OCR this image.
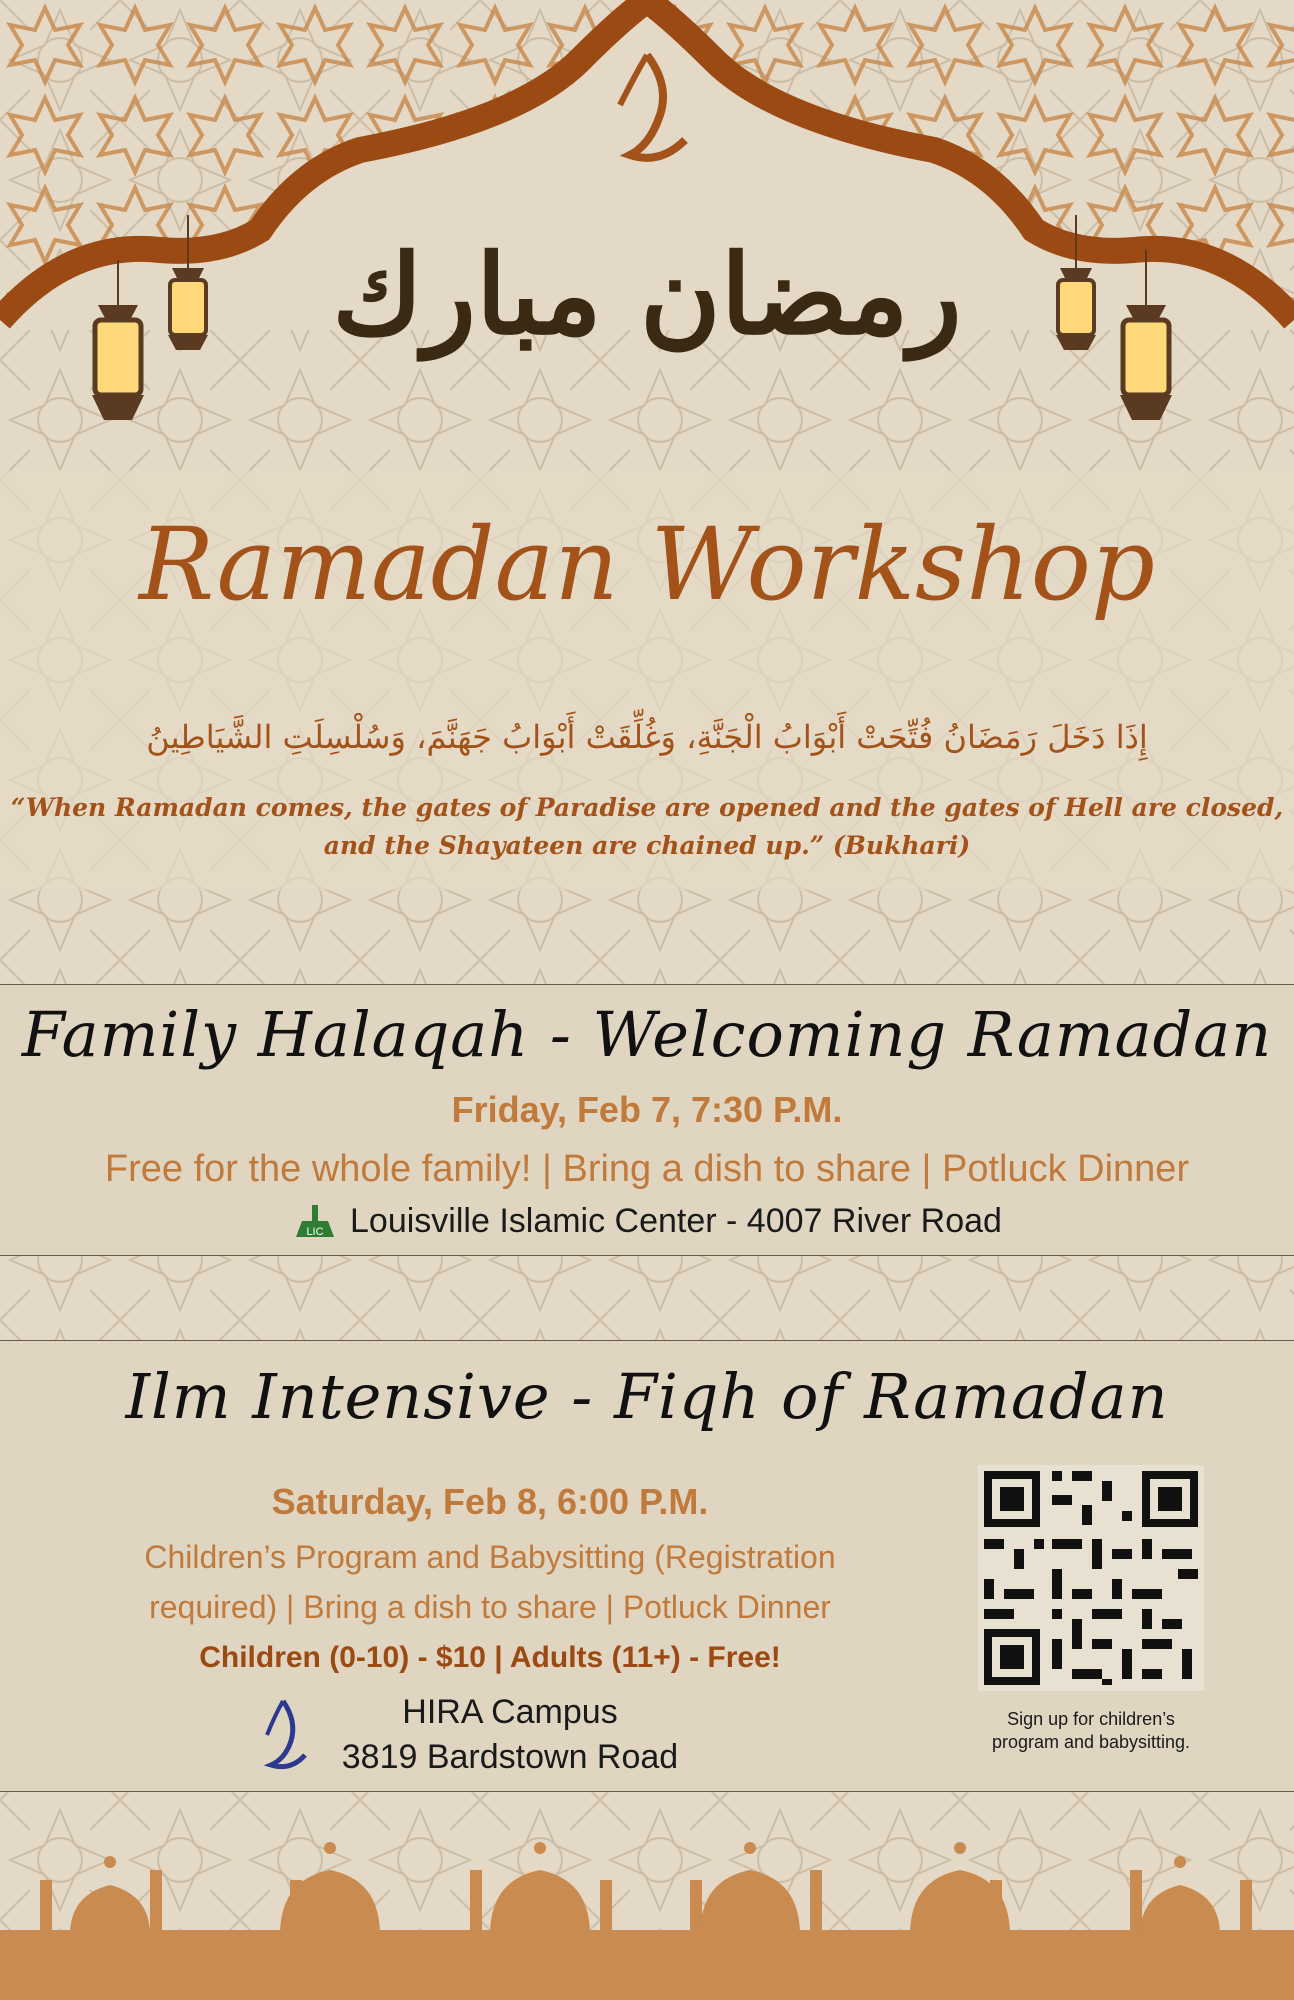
رمضان مبارك
Ramadan Workshop
إِذَا دَخَلَ رَمَضَانُ فُتِّحَتْ أَبْوَابُ الْجَنَّةِ، وَغُلِّقَتْ أَبْوَابُ جَهَنَّمَ، وَسُلْسِلَتِ الشَّيَاطِينُ
“When Ramadan comes, the gates of Paradise are opened and the gates of Hell are closed,
and the Shayateen are chained up.” (Bukhari)
Family Halaqah - Welcoming Ramadan
Friday, Feb 7, 7:30 P.M.
Free for the whole family! | Bring a dish to share | Potluck Dinner
LIC Louisville Islamic Center - 4007 River Road
Ilm Intensive - Fiqh of Ramadan
Saturday, Feb 8, 6:00 P.M.
Children’s Program and Babysitting (Registration
required) | Bring a dish to share | Potluck Dinner
Children (0-10) - $10 | Adults (11+) - Free!
HIRA Campus
3819 Bardstown Road
Sign up for children’s
program and babysitting.
